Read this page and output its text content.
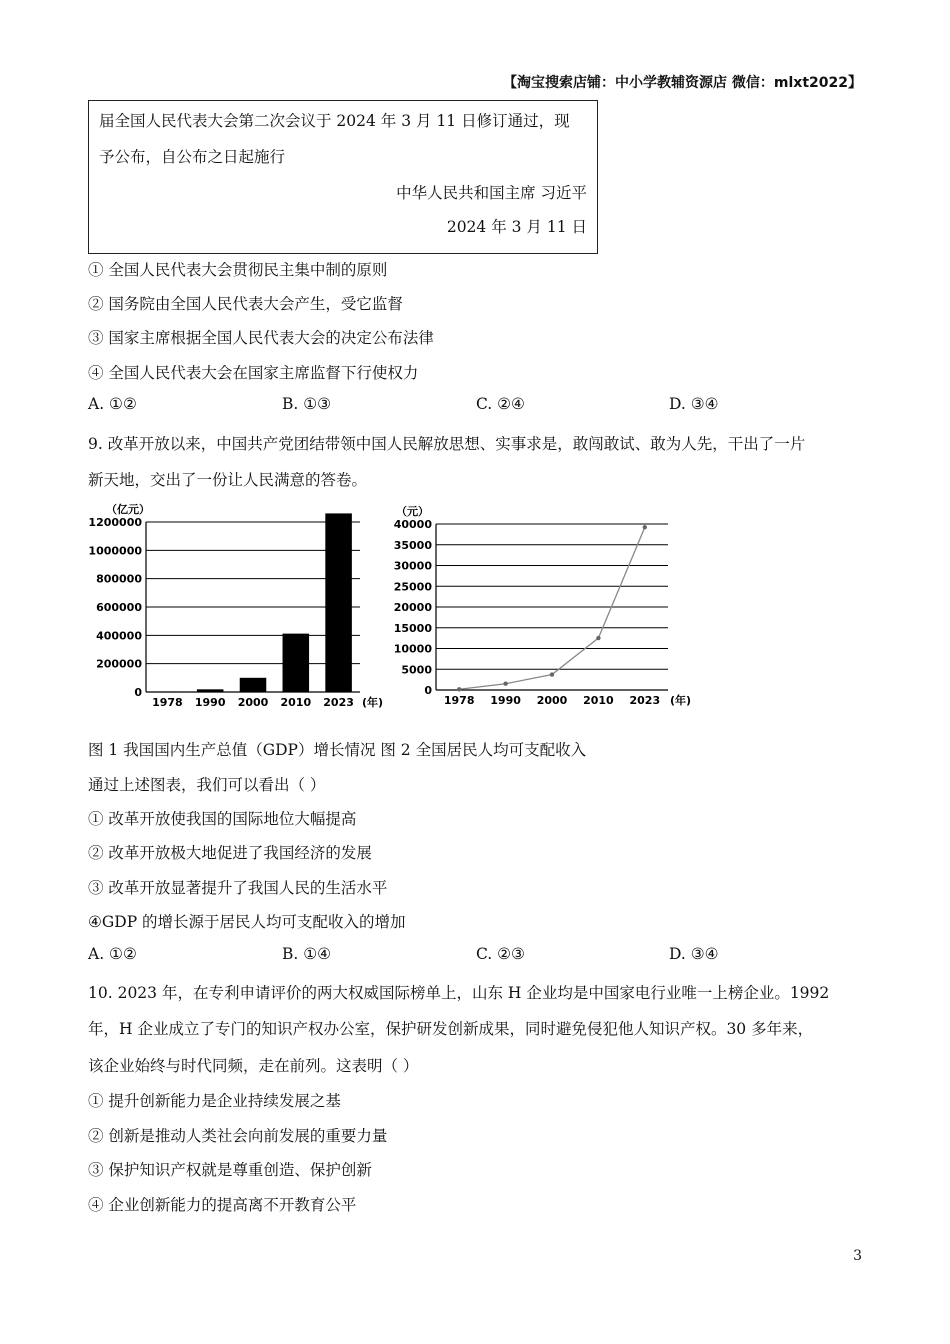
【淘宝搜索店铺：中小学教辅资源店 微信：mlxt2022】
届全国人民代表大会第二次会议于 2024 年 3 月 11 日修订通过，现
予公布，自公布之日起施行
中华人民共和国主席 习近平
2024 年 3 月 11 日
① 全国人民代表大会贯彻民主集中制的原则
② 国务院由全国人民代表大会产生，受它监督
③ 国家主席根据全国人民代表大会的决定公布法律
④ 全国人民代表大会在国家主席监督下行使权力
A. ①②	B. ①③	C. ②④	D. ③④
9. 改革开放以来，中国共产党团结带领中国人民解放思想、实事求是，敢闯敢试、敢为人先，干出了一片
新天地，交出了一份让人民满意的答卷。
（亿元）
0
200000
400000
600000
800000
1000000
1200000
1978 1990 2000 2010 2023 (年)
（元）
0
5000
10000
15000
20000
25000
30000
35000
40000
1978 1990 2000 2010 2023 (年)
图 1 我国国内生产总值（GDP）增长情况 图 2 全国居民人均可支配收入
通过上述图表，我们可以看出（ ）
① 改革开放使我国的国际地位大幅提高
② 改革开放极大地促进了我国经济的发展
③ 改革开放显著提升了我国人民的生活水平
④GDP 的增长源于居民人均可支配收入的增加
A. ①②	B. ①④	C. ②③	D. ③④
10. 2023 年，在专利申请评价的两大权威国际榜单上，山东 H 企业均是中国家电行业唯一上榜企业。1992
年，H 企业成立了专门的知识产权办公室，保护研发创新成果，同时避免侵犯他人知识产权。30 多年来，
该企业始终与时代同频，走在前列。这表明（ ）
① 提升创新能力是企业持续发展之基
② 创新是推动人类社会向前发展的重要力量
③ 保护知识产权就是尊重创造、保护创新
④ 企业创新能力的提高离不开教育公平
3
